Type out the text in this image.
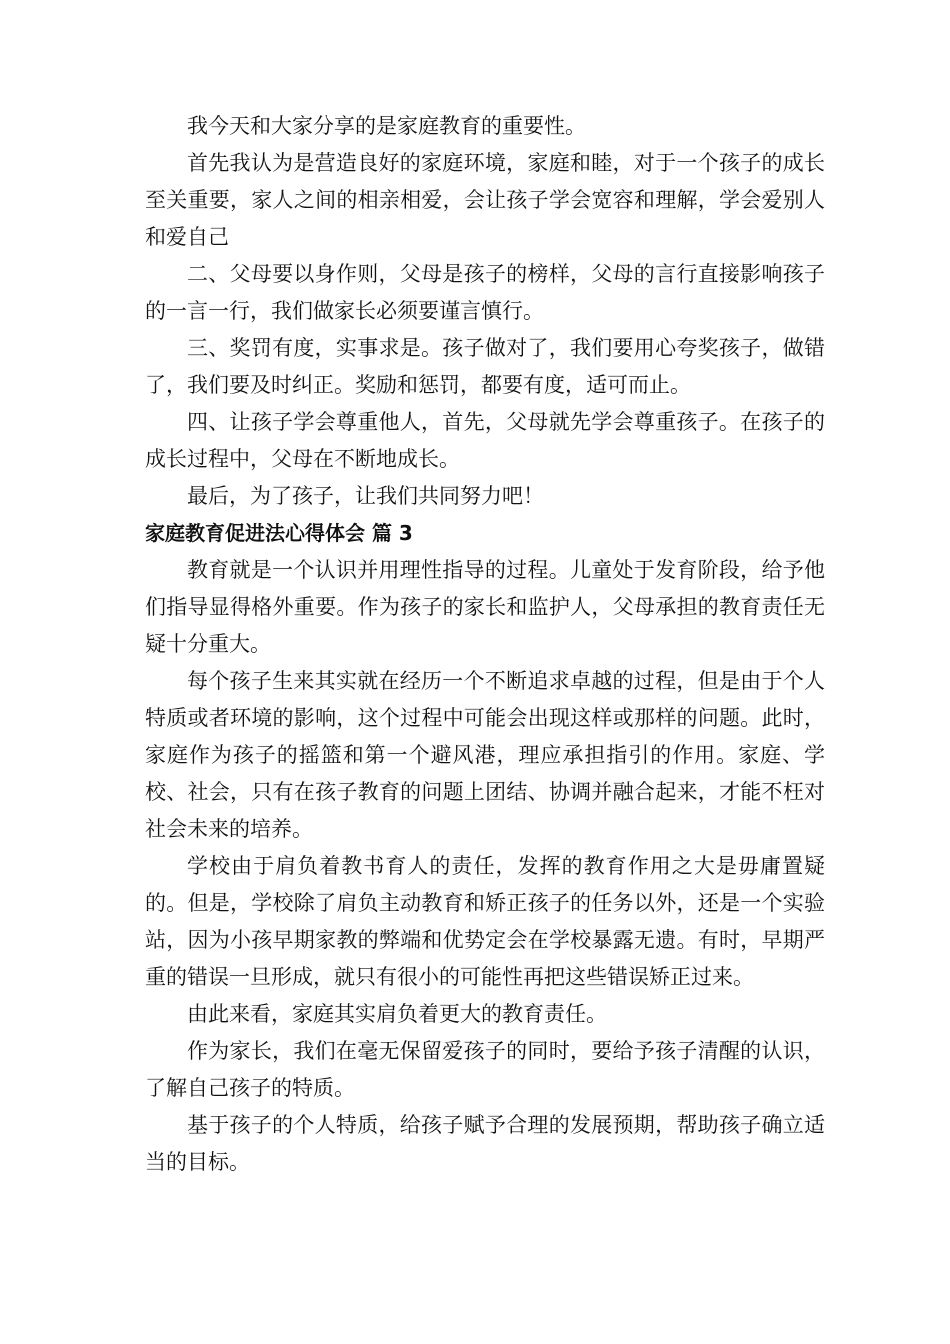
我今天和大家分享的是家庭教育的重要性。

首先我认为是营造良好的家庭环境，家庭和睦，对于一个孩子的成长至关重要，家人之间的相亲相爱，会让孩子学会宽容和理解，学会爱别人和爱自己

二、父母要以身作则，父母是孩子的榜样，父母的言行直接影响孩子的一言一行，我们做家长必须要谨言慎行。

三、奖罚有度，实事求是。孩子做对了，我们要用心夸奖孩子，做错了，我们要及时纠正。奖励和惩罚，都要有度，适可而止。

四、让孩子学会尊重他人，首先，父母就先学会尊重孩子。在孩子的成长过程中，父母在不断地成长。

最后，为了孩子，让我们共同努力吧！

家庭教育促进法心得体会 篇 3

教育就是一个认识并用理性指导的过程。儿童处于发育阶段，给予他们指导显得格外重要。作为孩子的家长和监护人，父母承担的教育责任无疑十分重大。

每个孩子生来其实就在经历一个不断追求卓越的过程，但是由于个人特质或者环境的影响，这个过程中可能会出现这样或那样的问题。此时，家庭作为孩子的摇篮和第一个避风港，理应承担指引的作用。家庭、学校、社会，只有在孩子教育的问题上团结、协调并融合起来，才能不枉对社会未来的培养。

学校由于肩负着教书育人的责任，发挥的教育作用之大是毋庸置疑的。但是，学校除了肩负主动教育和矫正孩子的任务以外，还是一个实验站，因为小孩早期家教的弊端和优势定会在学校暴露无遗。有时，早期严重的错误一旦形成，就只有很小的可能性再把这些错误矫正过来。

由此来看，家庭其实肩负着更大的教育责任。

作为家长，我们在毫无保留爱孩子的同时，要给予孩子清醒的认识，了解自己孩子的特质。

基于孩子的个人特质，给孩子赋予合理的发展预期，帮助孩子确立适当的目标。
